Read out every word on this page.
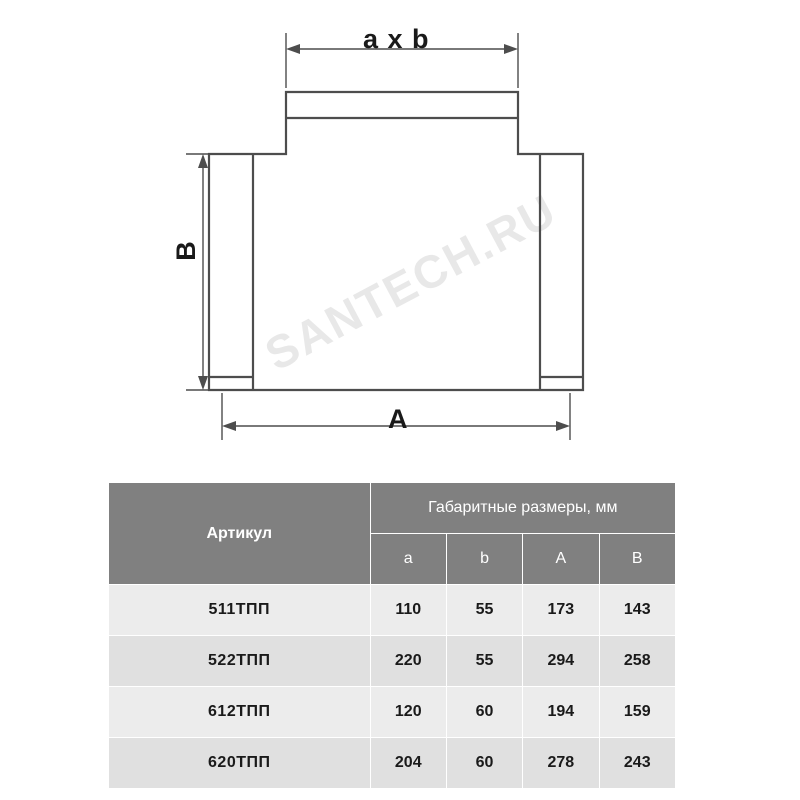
SANTECH.RU
a x b
A
B
Артикул	Габаритные размеры, мм			
	a	b	A	B
511ТПП	110	55	173	143
522ТПП	220	55	294	258
612ТПП	120	60	194	159
620ТПП	204	60	278	243
